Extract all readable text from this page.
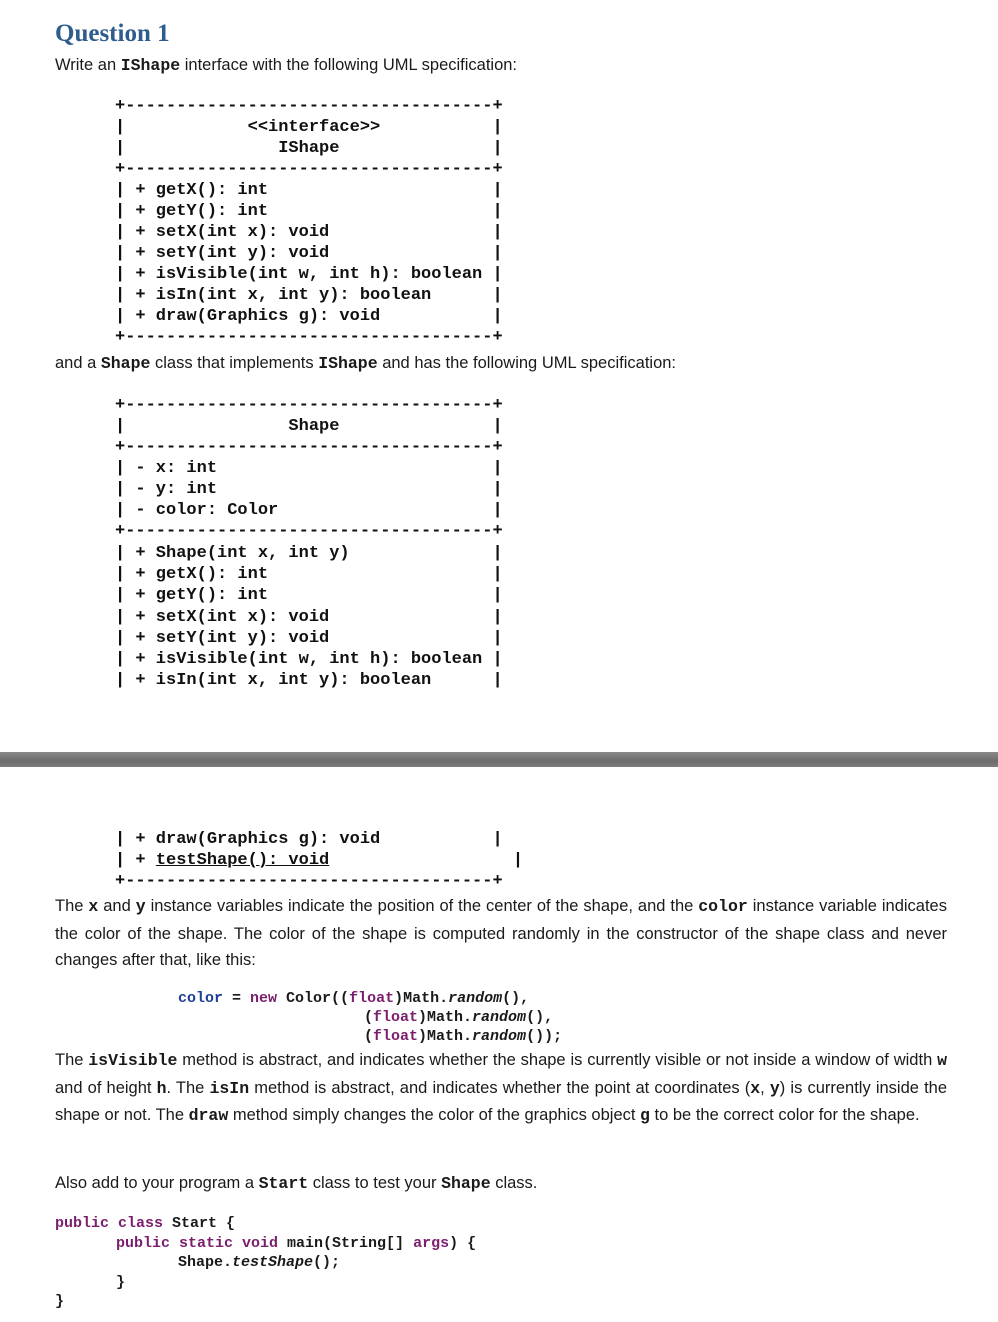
Question 1

Write an IShape interface with the following UML specification:

+------------------------------------+

|            <<interface>>           |

|               IShape               |

+------------------------------------+

| + getX(): int                      |

| + getY(): int                      |

| + setX(int x): void                |

| + setY(int y): void                |

| + isVisible(int w, int h): boolean |

| + isIn(int x, int y): boolean      |

| + draw(Graphics g): void           |

+------------------------------------+

and a Shape class that implements IShape and has the following UML specification:

+------------------------------------+

|                Shape               |

+------------------------------------+

| - x: int                           |

| - y: int                           |

| - color: Color                     |

+------------------------------------+

| + Shape(int x, int y)              |

| + getX(): int                      |

| + getY(): int                      |

| + setX(int x): void                |

| + setY(int y): void                |

| + isVisible(int w, int h): boolean |

| + isIn(int x, int y): boolean      |

| + draw(Graphics g): void           |

| + testShape(): void                  |

+------------------------------------+

The x and y instance variables indicate the position of the center of the shape, and the color instance variable indicates the color of the shape. The color of the shape is computed randomly in the constructor of the shape class and never changes after that, like this:

color = new Color((float)Math.random(),

(float)Math.random(),

(float)Math.random());

The isVisible method is abstract, and indicates whether the shape is currently visible or not inside a window of width w and of height h. The isIn method is abstract, and indicates whether the point at coordinates (x, y) is currently inside the shape or not. The draw method simply changes the color of the graphics object g to be the correct color for the shape.

Also add to your program a Start class to test your Shape class.

public class Start {

public static void main(String[] args) {

Shape.testShape();

}

}
